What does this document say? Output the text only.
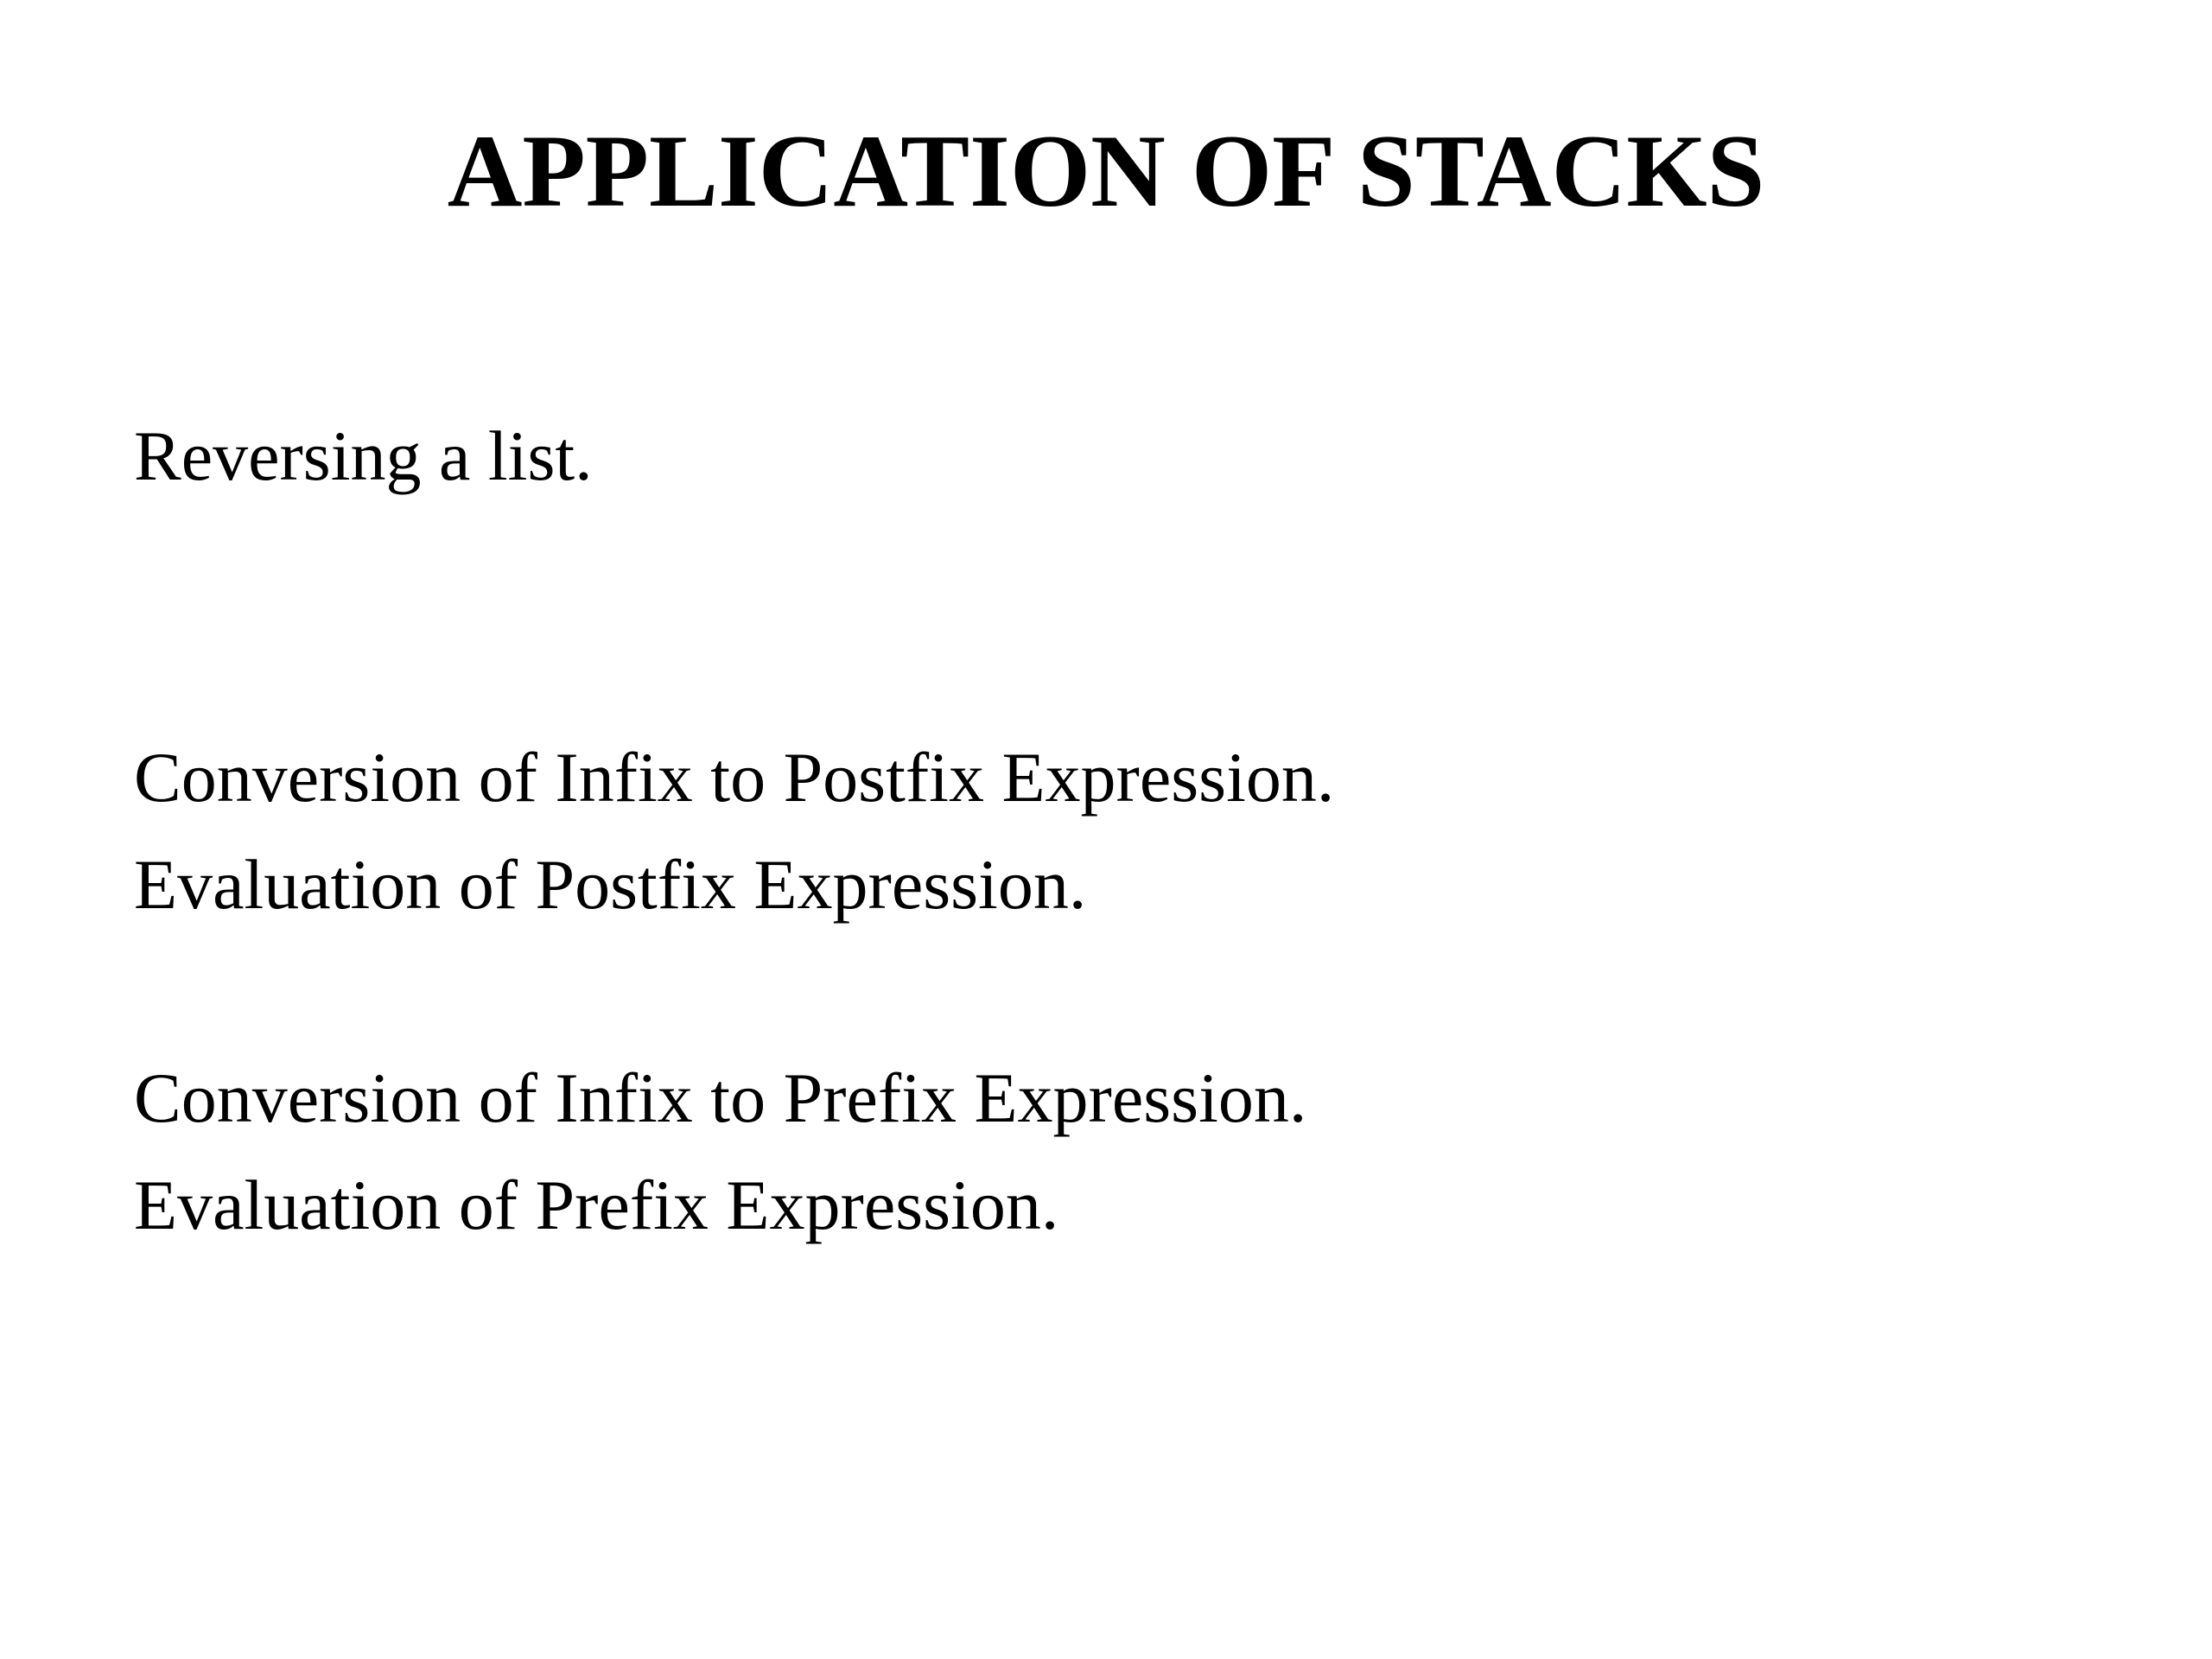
APPLICATION OF STACKS

Reversing a list.

Conversion of Infix to Postfix Expression.

Evaluation of Postfix Expression.

Conversion of Infix to Prefix Expression.

Evaluation of Prefix Expression.
